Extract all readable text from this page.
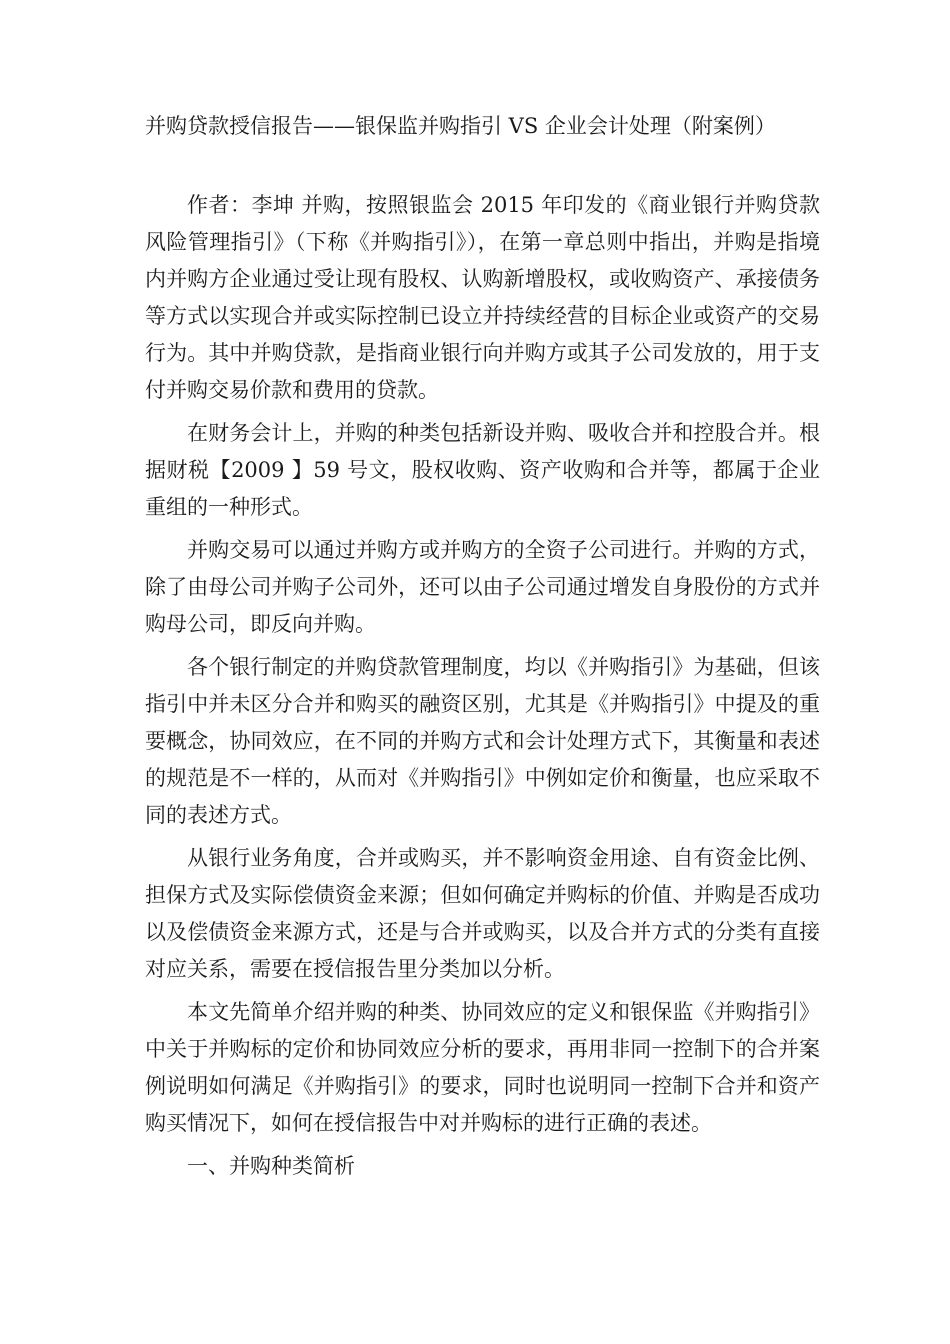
并购贷款授信报告——银保监并购指引 VS 企业会计处理（附案例）

作者：李坤 并购，按照银监会 2015 年印发的《商业银行并购贷款风险管理指引》（下称《并购指引》），在第一章总则中指出，并购是指境内并购方企业通过受让现有股权、认购新增股权，或收购资产、承接债务等方式以实现合并或实际控制已设立并持续经营的目标企业或资产的交易行为。其中并购贷款，是指商业银行向并购方或其子公司发放的，用于支付并购交易价款和费用的贷款。

在财务会计上，并购的种类包括新设并购、吸收合并和控股合并。根据财税【2009 】59 号文，股权收购、资产收购和合并等，都属于企业重组的一种形式。

并购交易可以通过并购方或并购方的全资子公司进行。并购的方式，除了由母公司并购子公司外，还可以由子公司通过增发自身股份的方式并购母公司，即反向并购。

各个银行制定的并购贷款管理制度，均以《并购指引》为基础，但该指引中并未区分合并和购买的融资区别，尤其是《并购指引》中提及的重要概念，协同效应，在不同的并购方式和会计处理方式下，其衡量和表述的规范是不一样的，从而对《并购指引》中例如定价和衡量，也应采取不同的表述方式。

从银行业务角度，合并或购买，并不影响资金用途、自有资金比例、担保方式及实际偿债资金来源；但如何确定并购标的价值、并购是否成功以及偿债资金来源方式，还是与合并或购买，以及合并方式的分类有直接对应关系，需要在授信报告里分类加以分析。

本文先简单介绍并购的种类、协同效应的定义和银保监《并购指引》中关于并购标的定价和协同效应分析的要求，再用非同一控制下的合并案例说明如何满足《并购指引》的要求，同时也说明同一控制下合并和资产购买情况下，如何在授信报告中对并购标的进行正确的表述。

一、并购种类简析
